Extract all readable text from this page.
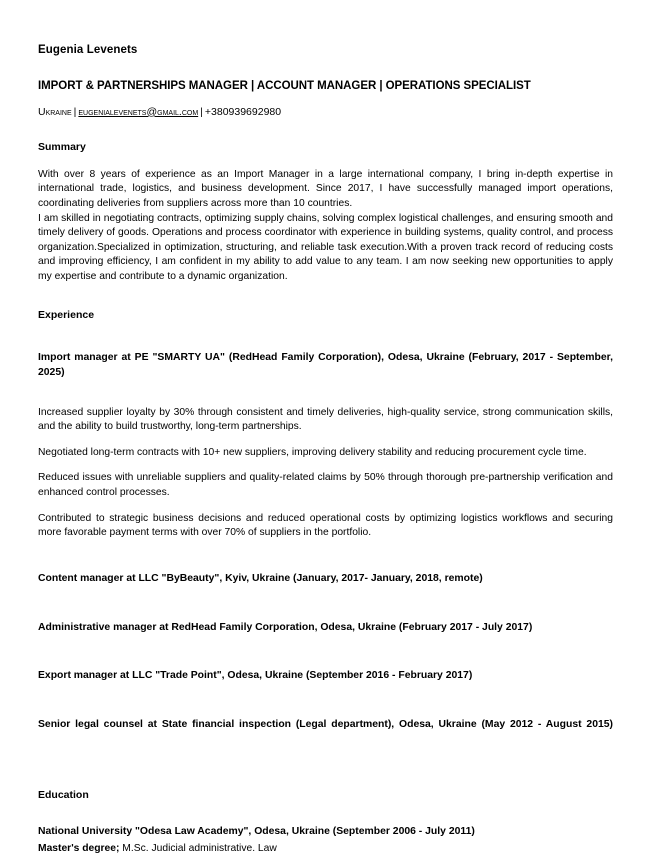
Eugenia Levenets
IMPORT & PARTNERSHIPS MANAGER | ACCOUNT MANAGER | OPERATIONS SPECIALIST
Ukraine | eugenialevenets@gmail.com | +380939692980
Summary

With over 8 years of experience as an Import Manager in a large international company, I bring in-depth expertise in international trade, logistics, and business development. Since 2017, I have successfully managed import operations, coordinating deliveries from suppliers across more than 10 countries.

I am skilled in negotiating contracts, optimizing supply chains, solving complex logistical challenges, and ensuring smooth and timely delivery of goods. Operations and process coordinator with experience in building systems, quality control, and process organization.Specialized in optimization, structuring, and reliable task execution.With a proven track record of reducing costs and improving efficiency, I am confident in my ability to add value to any team. I am now seeking new opportunities to apply my expertise and contribute to a dynamic organization.

Experience
Import manager at PE "SMARTY UA" (RedHead Family Corporation), Odesa, Ukraine (February, 2017 - September, 2025)

Increased supplier loyalty by 30% through consistent and timely deliveries, high-quality service, strong communication skills, and the ability to build trustworthy, long-term partnerships.

Negotiated long-term contracts with 10+ new suppliers, improving delivery stability and reducing procurement cycle time.

Reduced issues with unreliable suppliers and quality-related claims by 50% through thorough pre-partnership verification and enhanced control processes.

Contributed to strategic business decisions and reduced operational costs by optimizing logistics workflows and securing more favorable payment terms with over 70% of suppliers in the portfolio.

Content manager at LLC "ByBeauty", Kyiv, Ukraine (January, 2017- January, 2018, remote)
Administrative manager at RedHead Family Corporation, Odesa, Ukraine (February 2017 - July 2017)
Export manager at LLC "Trade Point", Odesa, Ukraine (September 2016 - February 2017)
Senior legal counsel at State financial inspection (Legal department), Odesa, Ukraine (May 2012 - August 2015)
Education
National University "Odesa Law Academy", Odesa, Ukraine (September 2006 - July 2011)
Master's degree; M.Sc. Judicial administrative. Law
